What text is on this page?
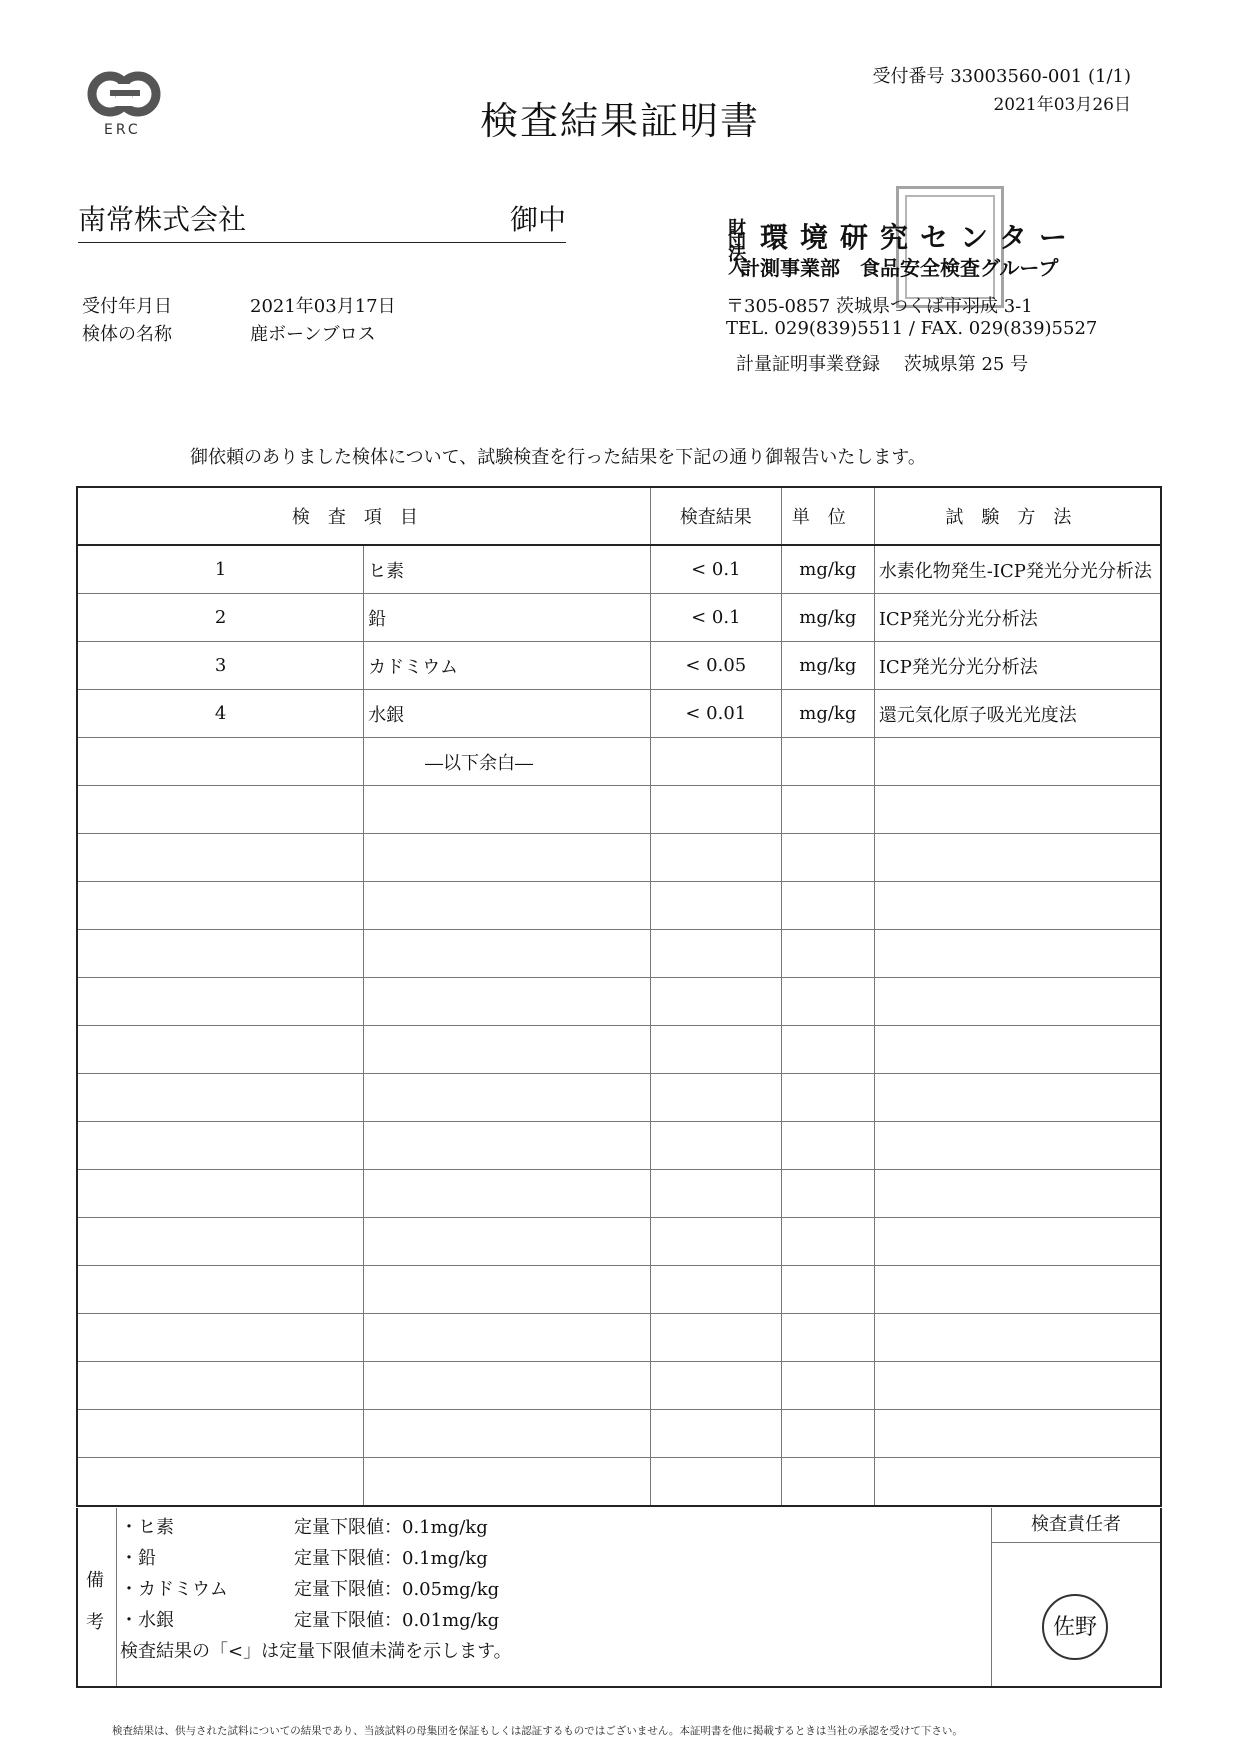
ERC	検査結果証明書
受付番号 33003560-001 (1/1)
2021年03月26日
南常株式会社	御中
受付年月日	2021年03月17日
検体の名称	鹿ボーンブロス
財団法人
環境研究センター
計測事業部　食品安全検査グループ
〒305-0857 茨城県つくば市羽成 3-1
TEL. 029(839)5511 / FAX. 029(839)5527
計量証明事業登録　 茨城県第 25 号
御依頼のありました検体について、試験検査を行った結果を下記の通り御報告いたします。
検査項目		検査結果	単位	試験方法
1	ヒ素	< 0.1	mg/kg	水素化物発生-ICP発光分光分析法
2	鉛	< 0.1	mg/kg	ICP発光分光分析法
3	カドミウム	< 0.05	mg/kg	ICP発光分光分析法
4	水銀	< 0.01	mg/kg	還元気化原子吸光光度法
	―以下余白―			

備
考
・ヒ素	定量下限値：0.1mg/kg
・鉛	定量下限値：0.1mg/kg
・カドミウム	定量下限値：0.05mg/kg
・水銀	定量下限値：0.01mg/kg
検査結果の「<」は定量下限値未満を示します。
検査責任者
佐野
検査結果は、供与された試料についての結果であり、当該試料の母集団を保証もしくは認証するものではございません。本証明書を他に掲載するときは当社の承認を受けて下さい。
